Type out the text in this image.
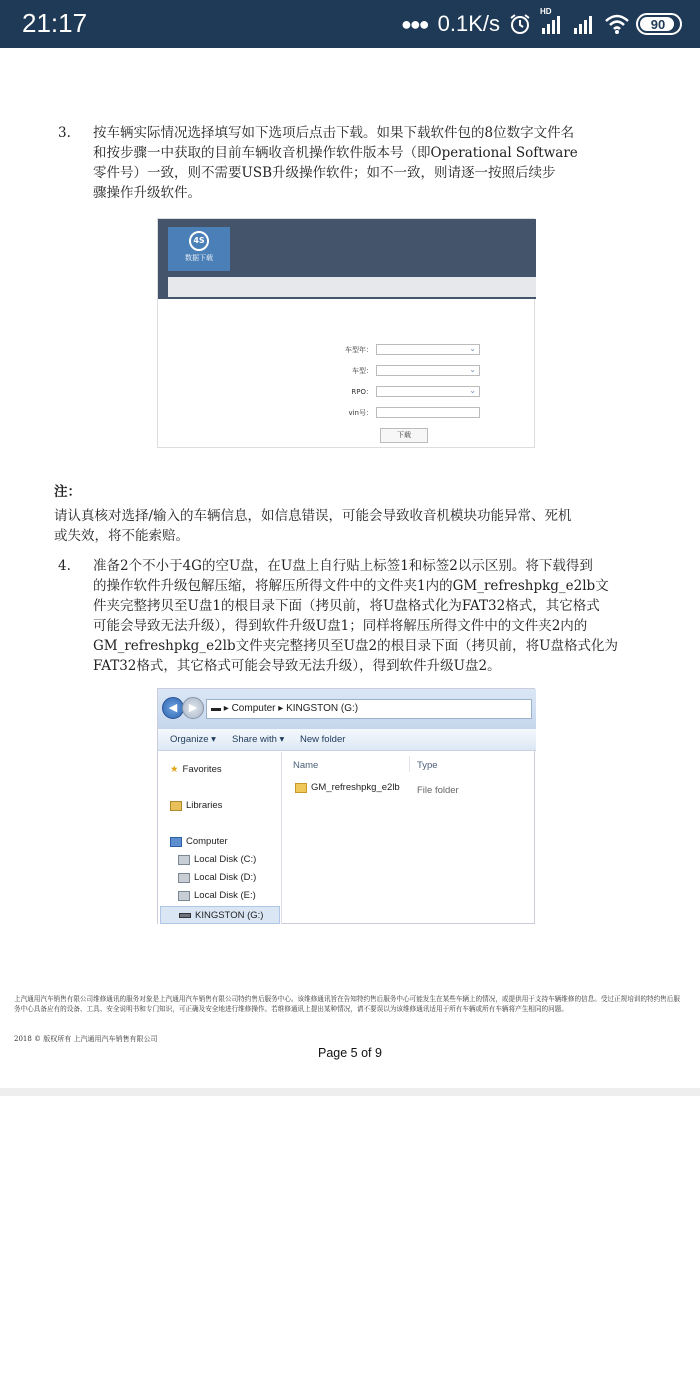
21:17	●●● 0.1K/s	HD
90
3. 按车辆实际情况选择填写如下选项后点击下载。如果下载软件包的8位数字文件名
和按步骤一中获取的目前车辆收音机操作软件版本号（即Operational Software
零件号）一致，则不需要USB升级操作软件；如不一致，则请逐一按照后续步
骤操作升级软件。
4S
数据下载
车型年：	⌄
车型：	⌄
RPO：	⌄
vin号：
下载
注：
请认真核对选择/输入的车辆信息，如信息错误，可能会导致收音机模块功能异常、死机
或失效，将不能索赔。
4. 准备2个不小于4G的空U盘，在U盘上自行贴上标签1和标签2以示区别。将下载得到
的操作软件升级包解压缩，将解压所得文件中的文件夹1内的GM_refreshpkg_e2lb文
件夹完整拷贝至U盘1的根目录下面（拷贝前，将U盘格式化为FAT32格式，其它格式
可能会导致无法升级），得到软件升级U盘1；同样将解压所得文件中的文件夹2内的
GM_refreshpkg_e2lb文件夹完整拷贝至U盘2的根目录下面（拷贝前，将U盘格式化为
FAT32格式，其它格式可能会导致无法升级），得到软件升级U盘2。
◀	▶	▬ ▸ Computer ▸ KINGSTON (G:)
Organize ▾ Share with ▾ New folder
★ Favorites
Libraries
Computer
Local Disk (C:)
Local Disk (D:)
Local Disk (E:)
KINGSTON (G:)
Name	Type
GM_refreshpkg_e2lb File folder
上汽通用汽车销售有限公司维修通讯的服务对象是上汽通用汽车销售有限公司特约售后服务中心。该维修通讯旨在告知特约售后服务中心可能发生在某些车辆上的情况，或提供用于支持车辆维修的信息。受过正规培训的特约售后服务中心具备应有的设备、工具、安全说明书和专门知识，可正确及安全地进行维修操作。若维修通讯上提出某种情况，请不要误以为该维修通讯适用于所有车辆或所有车辆将产生相同的问题。
2018 © 版权所有 上汽通用汽车销售有限公司
Page 5 of 9
